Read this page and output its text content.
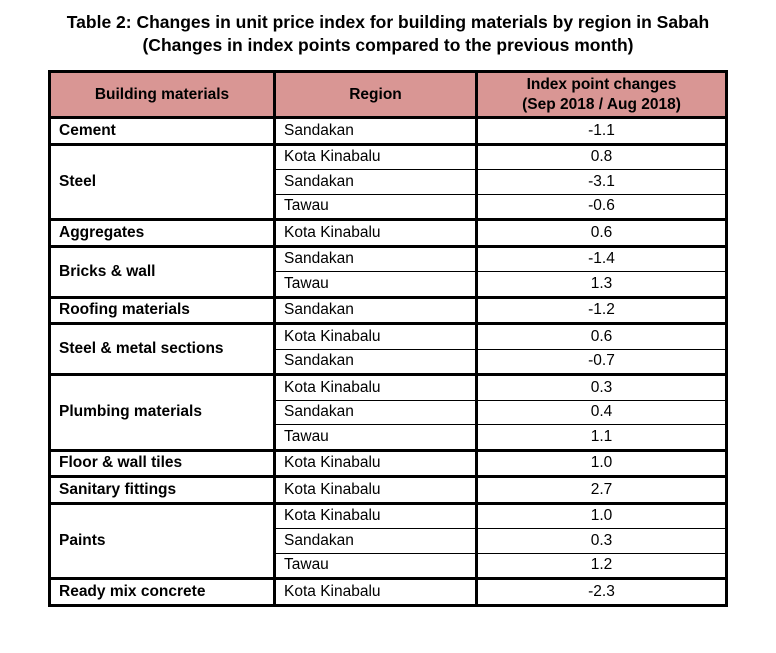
Table 2: Changes in unit price index for building materials by region in Sabah
(Changes in index points compared to the previous month)
Building materials	Region	Index point changes
(Sep 2018 / Aug 2018)
Cement	Sandakan	-1.1
Steel	Kota Kinabalu	0.8
	Sandakan	-3.1
	Tawau	-0.6
Aggregates	Kota Kinabalu	0.6
Bricks & wall	Sandakan	-1.4
	Tawau	1.3
Roofing materials	Sandakan	-1.2
Steel & metal sections	Kota Kinabalu	0.6
	Sandakan	-0.7
Plumbing materials	Kota Kinabalu	0.3
	Sandakan	0.4
	Tawau	1.1
Floor & wall tiles	Kota Kinabalu	1.0
Sanitary fittings	Kota Kinabalu	2.7
Paints	Kota Kinabalu	1.0
	Sandakan	0.3
	Tawau	1.2
Ready mix concrete	Kota Kinabalu	-2.3
